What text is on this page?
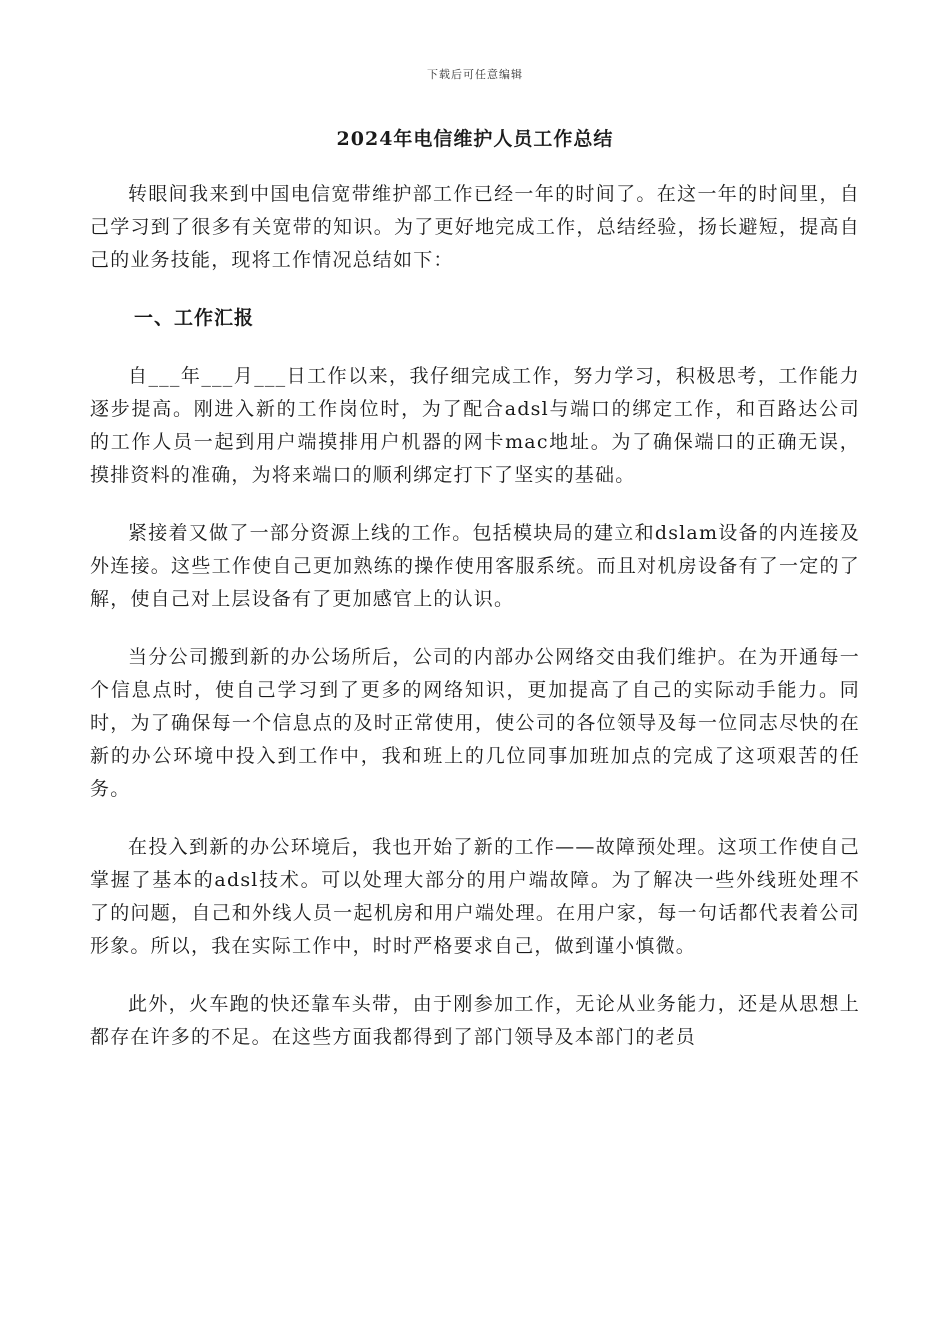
下载后可任意编辑
2024年电信维护人员工作总结

转眼间我来到中国电信宽带维护部工作已经一年的时间了。在这一年的时间里，自己学习到了很多有关宽带的知识。为了更好地完成工作，总结经验，扬长避短，提高自己的业务技能，现将工作情况总结如下：

一、工作汇报

自___年___月___日工作以来，我仔细完成工作，努力学习，积极思考，工作能力逐步提高。刚进入新的工作岗位时，为了配合adsl与端口的绑定工作，和百路达公司的工作人员一起到用户端摸排用户机器的网卡mac地址。为了确保端口的正确无误，摸排资料的准确，为将来端口的顺利绑定打下了坚实的基础。

紧接着又做了一部分资源上线的工作。包括模块局的建立和dslam设备的内连接及外连接。这些工作使自己更加熟练的操作使用客服系统。而且对机房设备有了一定的了解，使自己对上层设备有了更加感官上的认识。

当分公司搬到新的办公场所后，公司的内部办公网络交由我们维护。在为开通每一个信息点时，使自己学习到了更多的网络知识，更加提高了自己的实际动手能力。同时，为了确保每一个信息点的及时正常使用，使公司的各位领导及每一位同志尽快的在新的办公环境中投入到工作中，我和班上的几位同事加班加点的完成了这项艰苦的任务。

在投入到新的办公环境后，我也开始了新的工作——故障预处理。这项工作使自己掌握了基本的adsl技术。可以处理大部分的用户端故障。为了解决一些外线班处理不了的问题，自己和外线人员一起机房和用户端处理。在用户家，每一句话都代表着公司形象。所以，我在实际工作中，时时严格要求自己，做到谨小慎微。

此外，火车跑的快还靠车头带，由于刚参加工作，无论从业务能力，还是从思想上都存在许多的不足。在这些方面我都得到了部门领导及本部门的老员
